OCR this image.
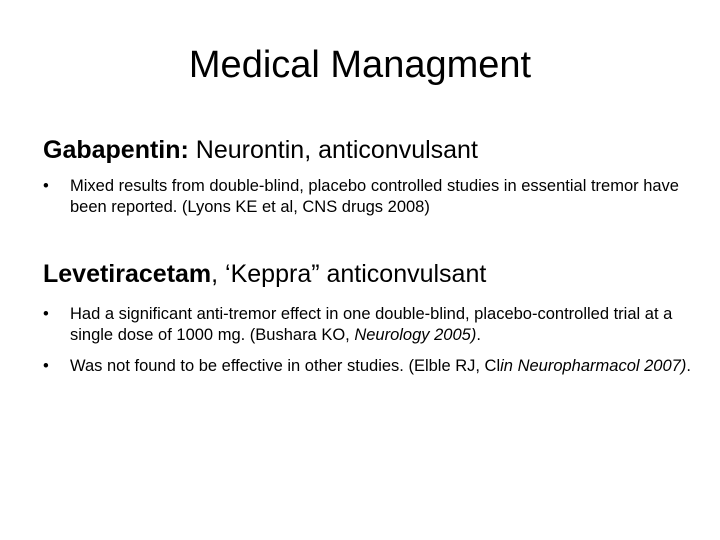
Medical Managment
Gabapentin: Neurontin, anticonvulsant
• Mixed results from double-blind, placebo controlled studies in essential tremor have been reported. (Lyons KE et al, CNS drugs 2008)
Levetiracetam, ‘Keppra” anticonvulsant
• Had a significant anti-tremor effect in one double-blind, placebo-controlled trial at a single dose of 1000 mg. (Bushara KO, Neurology 2005).
• Was not found to be effective in other studies. (Elble RJ, Clin Neuropharmacol 2007).
